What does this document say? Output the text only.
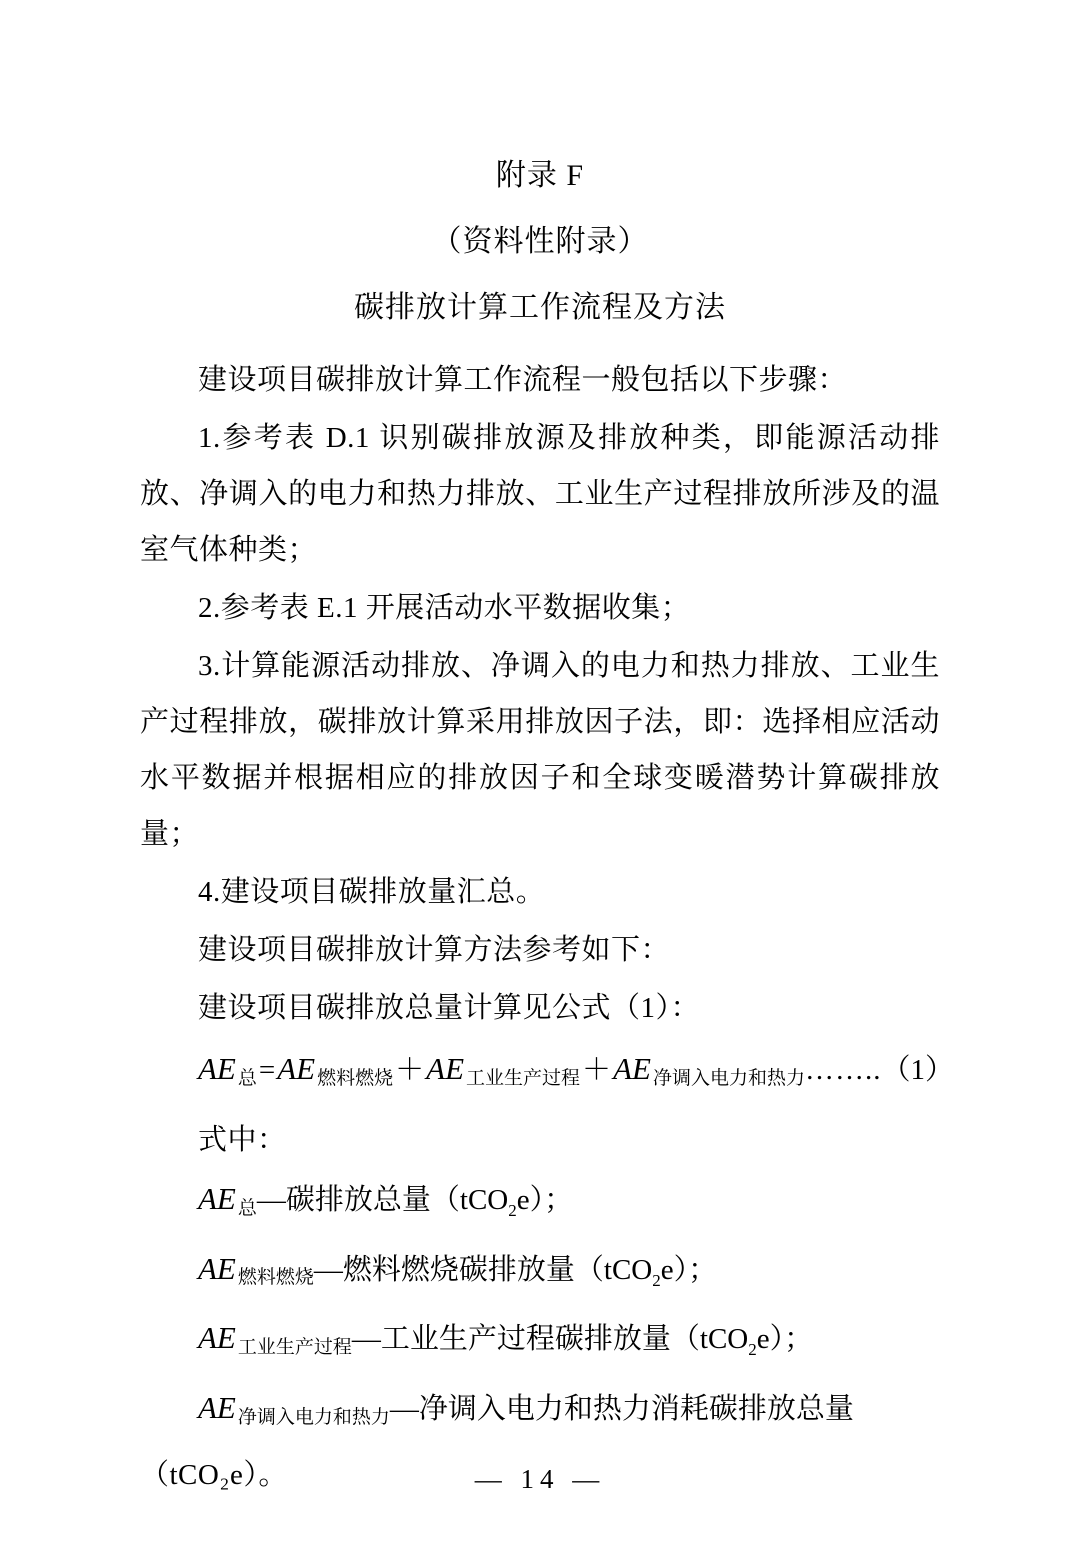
附录 F
（资料性附录）
碳排放计算工作流程及方法

建设项目碳排放计算工作流程一般包括以下步骤：

1.参考表 D.1 识别碳排放源及排放种类，即能源活动排放、净调入的电力和热力排放、工业生产过程排放所涉及的温室气体种类；

2.参考表 E.1 开展活动水平数据收集；

3.计算能源活动排放、净调入的电力和热力排放、工业生产过程排放，碳排放计算采用排放因子法，即：选择相应活动水平数据并根据相应的排放因子和全球变暖潜势计算碳排放量；

4.建设项目碳排放量汇总。

建设项目碳排放计算方法参考如下：

建设项目碳排放总量计算见公式（1）：

AE $_总$=AE $_{燃料燃烧}$＋AE $_{工业生产过程}$＋AE $_{净调入电力和热力}$……..（1）

式中：

AE $_总$—碳排放总量（tCO$_2$e）；

AE $_{燃料燃烧}$—燃料燃烧碳排放量（tCO$_2$e）；

AE $_{工业生产过程}$—工业生产过程碳排放量（tCO$_2$e）；

AE $_{净调入电力和热力}$—净调入电力和热力消耗碳排放总量

（tCO₂e）。	— 14 —
